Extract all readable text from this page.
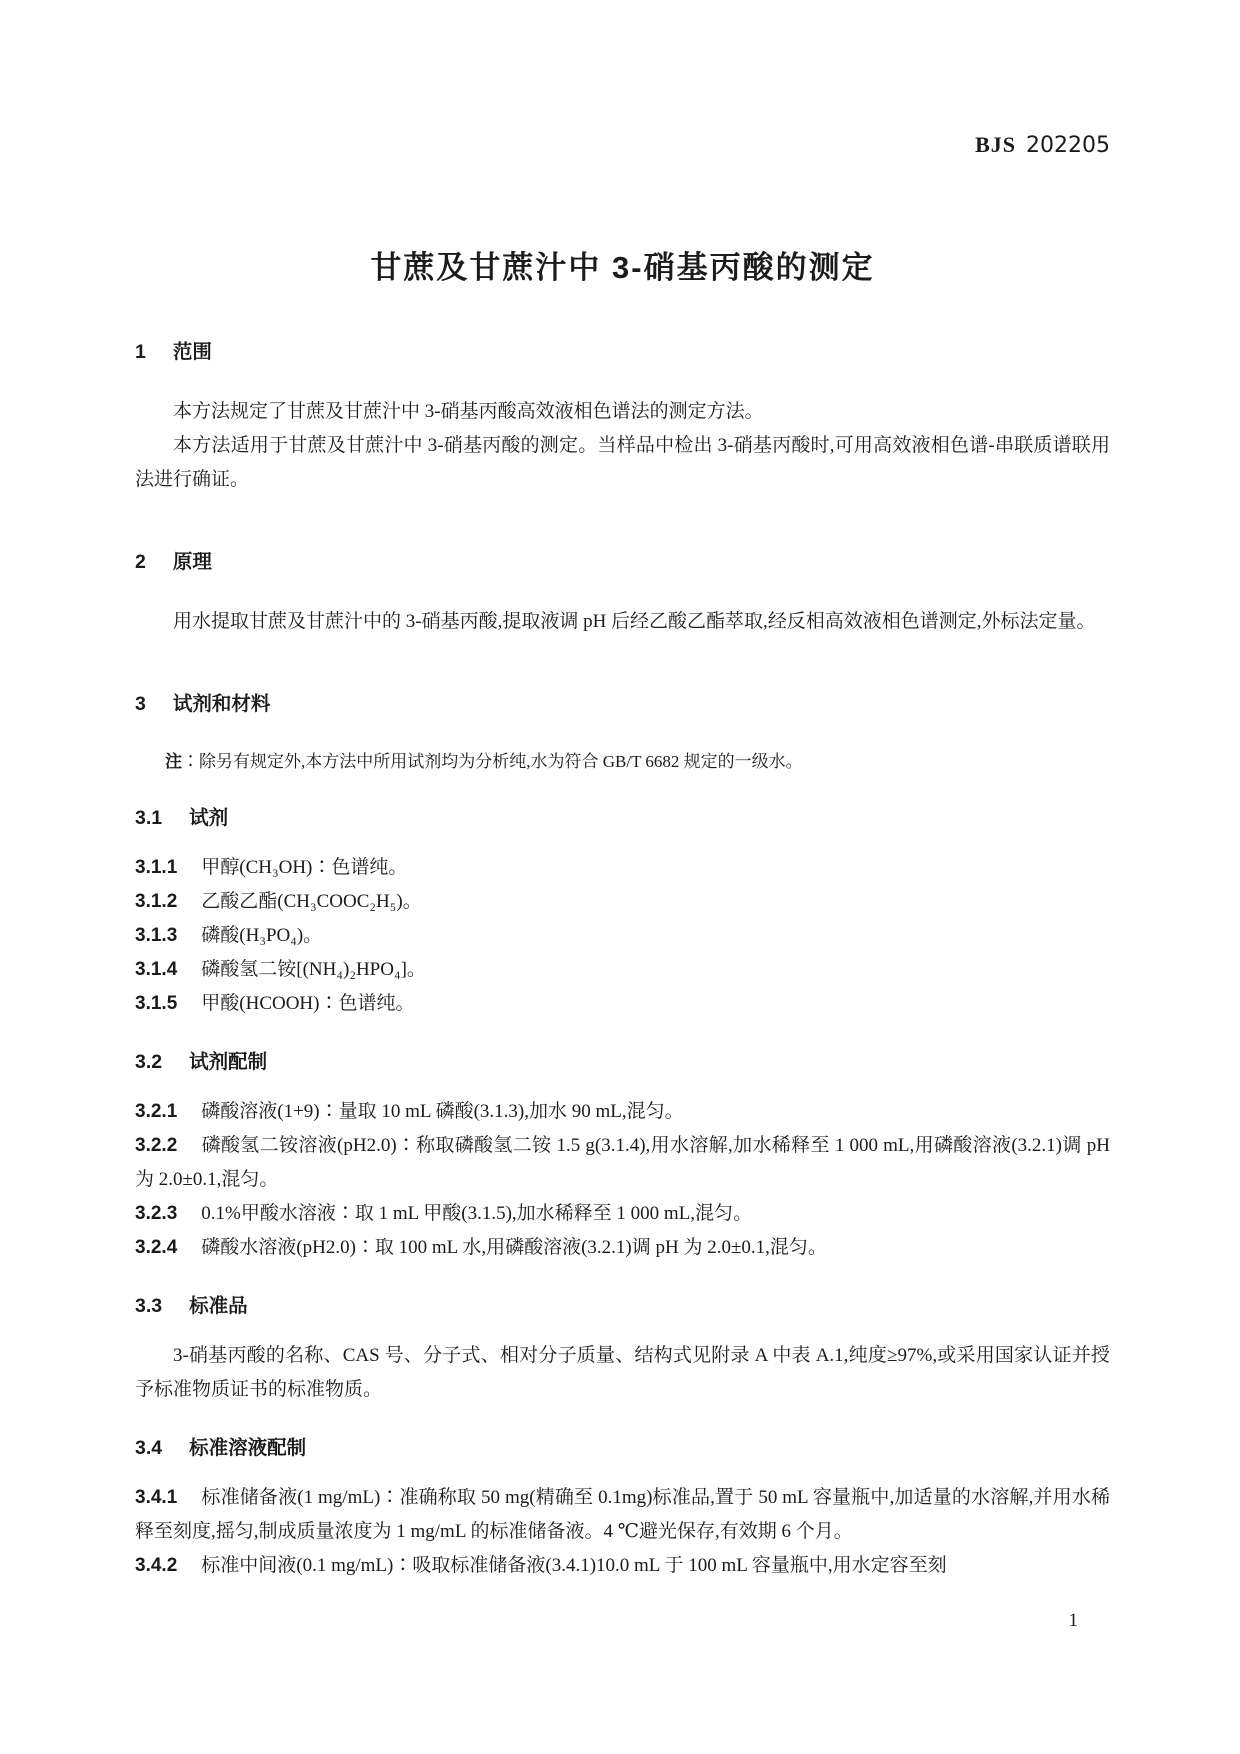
BJS 202205
甘蔗及甘蔗汁中 3-硝基丙酸的测定
1 范围

本方法规定了甘蔗及甘蔗汁中 3-硝基丙酸高效液相色谱法的测定方法。

本方法适用于甘蔗及甘蔗汁中 3-硝基丙酸的测定。当样品中检出 3-硝基丙酸时,可用高效液相色谱-串联质谱联用法进行确证。

2 原理

用水提取甘蔗及甘蔗汁中的 3-硝基丙酸,提取液调 pH 后经乙酸乙酯萃取,经反相高效液相色谱测定,外标法定量。

3 试剂和材料

注∶除另有规定外,本方法中所用试剂均为分析纯,水为符合 GB/T 6682 规定的一级水。

3.1 试剂

3.1.1 甲醇(CH₃OH)∶色谱纯。

3.1.2 乙酸乙酯(CH₃COOC₂H₅)。

3.1.3 磷酸(H₃PO₄)。

3.1.4 磷酸氢二铵[(NH₄)₂HPO₄]。

3.1.5 甲酸(HCOOH)∶色谱纯。

3.2 试剂配制

3.2.1 磷酸溶液(1+9)∶量取 10 mL 磷酸(3.1.3),加水 90 mL,混匀。

3.2.2 磷酸氢二铵溶液(pH2.0)∶称取磷酸氢二铵 1.5 g(3.1.4),用水溶解,加水稀释至 1 000 mL,用磷酸溶液(3.2.1)调 pH 为 2.0±0.1,混匀。

3.2.3 0.1%甲酸水溶液∶取 1 mL 甲酸(3.1.5),加水稀释至 1 000 mL,混匀。

3.2.4 磷酸水溶液(pH2.0)∶取 100 mL 水,用磷酸溶液(3.2.1)调 pH 为 2.0±0.1,混匀。

3.3 标准品

3-硝基丙酸的名称、CAS 号、分子式、相对分子质量、结构式见附录 A 中表 A.1,纯度≥97%,或采用国家认证并授予标准物质证书的标准物质。

3.4 标准溶液配制

3.4.1 标准储备液(1 mg/mL)∶准确称取 50 mg(精确至 0.1mg)标准品,置于 50 mL 容量瓶中,加适量的水溶解,并用水稀释至刻度,摇匀,制成质量浓度为 1 mg/mL 的标准储备液。4 ℃避光保存,有效期 6 个月。

3.4.2 标准中间液(0.1 mg/mL)∶吸取标准储备液(3.4.1)10.0 mL 于 100 mL 容量瓶中,用水定容至刻

1
